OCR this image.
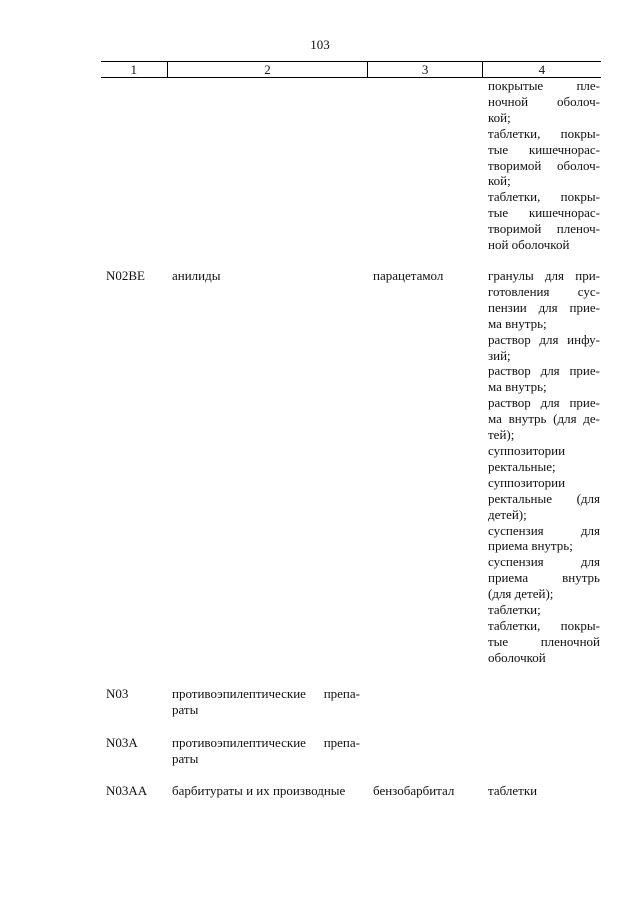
103
1	2	3	4
покрытые пле-
ночной оболоч-
кой;
таблетки, покры-
тые кишечнорас-
творимой оболоч-
кой;
таблетки, покры-
тые кишечнорас-
творимой пленоч-
ной оболочкой
N02BE анилиды	парацетамол	гранулы для при-
готовления сус-
пензии для прие-
ма внутрь;
раствор для инфу-
зий;
раствор для прие-
ма внутрь;
раствор для прие-
ма внутрь (для де-
тей);
суппозитории
ректальные;
суппозитории
ректальные (для
детей);
суспензия для
приема внутрь;
суспензия для
приема внутрь
(для детей);
таблетки;
таблетки, покры-
тые пленочной
оболочкой
N03	противоэпилептические препа-
раты
N03A	противоэпилептические препа-
раты
N03AA барбитураты и их производные	бензобарбитал	таблетки
